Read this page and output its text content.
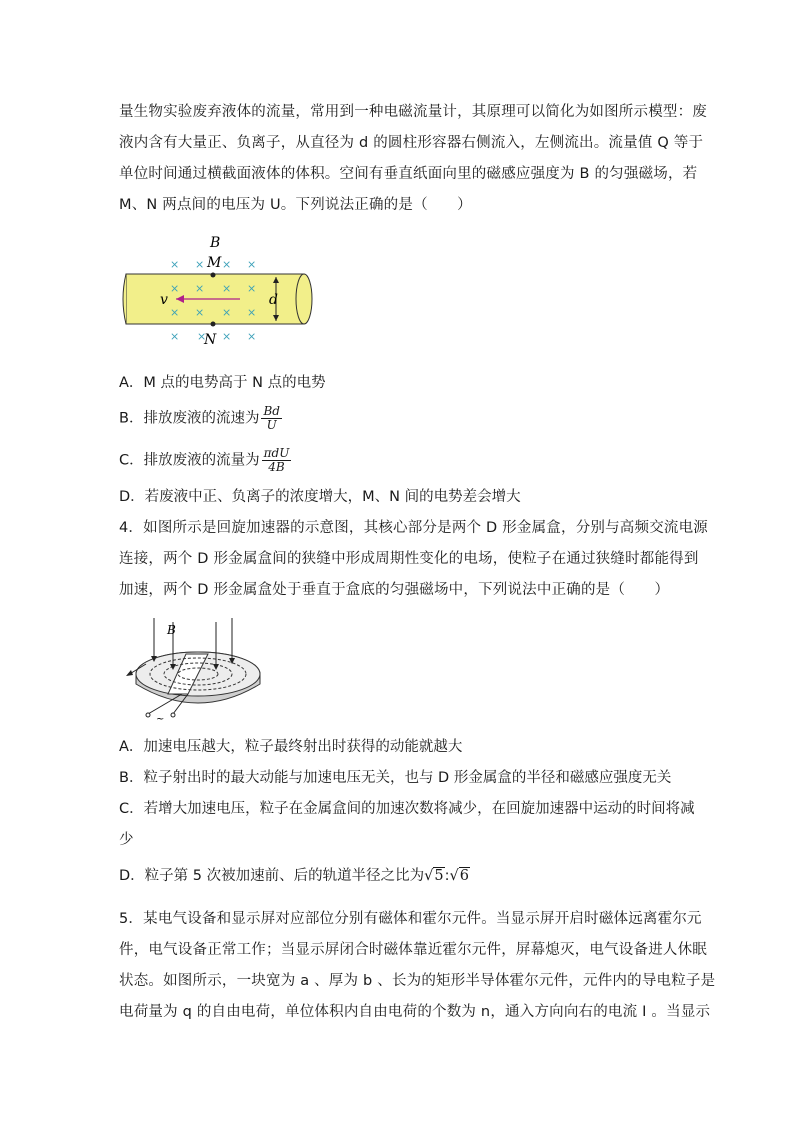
量生物实验废弃液体的流量，常用到一种电磁流量计，其原理可以简化为如图所示模型：废
液内含有大量正、负离子，从直径为 d 的圆柱形容器右侧流入，左侧流出。流量值 Q 等于
单位时间通过横截面液体的体积。空间有垂直纸面向里的磁感应强度为 B 的匀强磁场，若
M、N 两点间的电压为 U。下列说法正确的是（　　）
× × × ×
× × × ×
× × × ×
× × × ×
B
M
N
v	d
A．M 点的电势高于 N 点的电势
B．排放废液的流速为 $\frac{Bd}{U}$
C．排放废液的流量为 $\frac{\text{πdU}}{4B}$
D．若废液中正、负离子的浓度增大，M、N 间的电势差会增大
4．如图所示是回旋加速器的示意图，其核心部分是两个 D 形金属盒，分别与高频交流电源
连接，两个 D 形金属盒间的狭缝中形成周期性变化的电场，使粒子在通过狭缝时都能得到
加速，两个 D 形金属盒处于垂直于盒底的匀强磁场中，下列说法中正确的是（　　）
B
~
A．加速电压越大，粒子最终射出时获得的动能就越大
B．粒子射出时的最大动能与加速电压无关，也与 D 形金属盒的半径和磁感应强度无关
C．若增大加速电压，粒子在金属盒间的加速次数将减少，在回旋加速器中运动的时间将减
少
D．粒子第 5 次被加速前、后的轨道半径之比为√5:√6
5．某电气设备和显示屏对应部位分别有磁体和霍尔元件。当显示屏开启时磁体远离霍尔元
件，电气设备正常工作；当显示屏闭合时磁体靠近霍尔元件，屏幕熄灭，电气设备进人休眠
状态。如图所示，一块宽为 a 、厚为 b 、长为的矩形半导体霍尔元件，元件内的导电粒子是
电荷量为 q 的自由电荷，单位体积内自由电荷的个数为 n，通入方向向右的电流 I 。当显示
